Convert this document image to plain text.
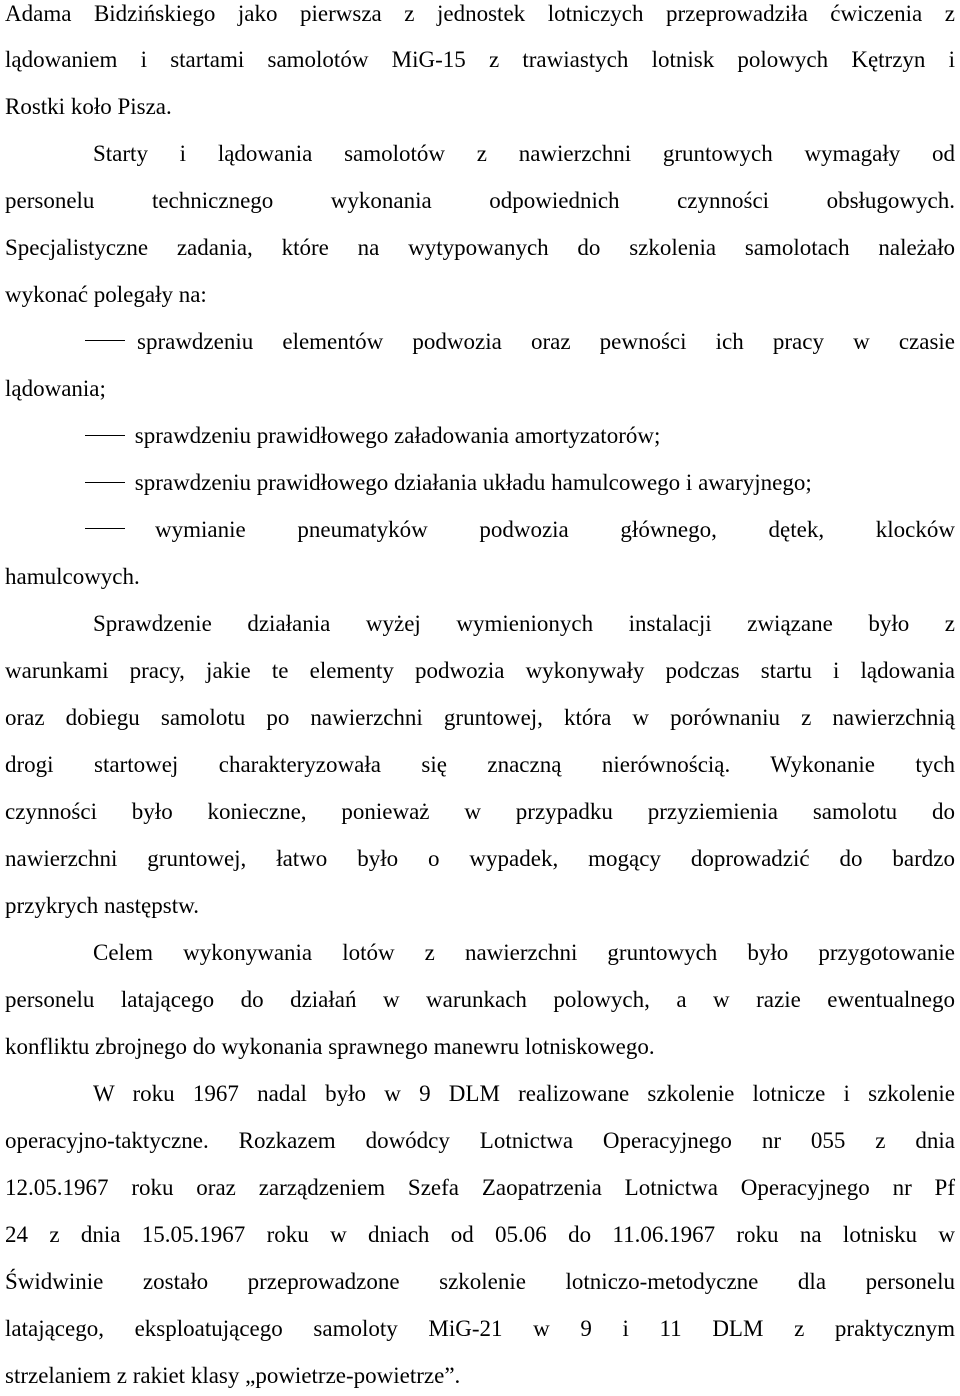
Adama Bidzińskiego jako pierwsza z jednostek lotniczych przeprowadziła ćwiczenia z
lądowaniem i startami samolotów MiG-15 z trawiastych lotnisk polowych Kętrzyn i
Rostki koło Pisza.
Starty i lądowania samolotów z nawierzchni gruntowych wymagały od
personelu technicznego wykonania odpowiednich czynności obsługowych.
Specjalistyczne zadania, które na wytypowanych do szkolenia samolotach należało
wykonać polegały na:
sprawdzeniu elementów podwozia oraz pewności ich pracy w czasie
lądowania;
sprawdzeniu prawidłowego załadowania amortyzatorów;
sprawdzeniu prawidłowego działania układu hamulcowego i awaryjnego;
wymianie pneumatyków podwozia głównego, dętek, klocków
hamulcowych.
Sprawdzenie działania wyżej wymienionych instalacji związane było z
warunkami pracy, jakie te elementy podwozia wykonywały podczas startu i lądowania
oraz dobiegu samolotu po nawierzchni gruntowej, która w porównaniu z nawierzchnią
drogi startowej charakteryzowała się znaczną nierównością. Wykonanie tych
czynności było konieczne, ponieważ w przypadku przyziemienia samolotu do
nawierzchni gruntowej, łatwo było o wypadek, mogący doprowadzić do bardzo
przykrych następstw.
Celem wykonywania lotów z nawierzchni gruntowych było przygotowanie
personelu latającego do działań w warunkach polowych, a w razie ewentualnego
konfliktu zbrojnego do wykonania sprawnego manewru lotniskowego.
W roku 1967 nadal było w 9 DLM realizowane szkolenie lotnicze i szkolenie
operacyjno-taktyczne. Rozkazem dowódcy Lotnictwa Operacyjnego nr 055 z dnia
12.05.1967 roku oraz zarządzeniem Szefa Zaopatrzenia Lotnictwa Operacyjnego nr Pf
24 z dnia 15.05.1967 roku w dniach od 05.06 do 11.06.1967 roku na lotnisku w
Świdwinie zostało przeprowadzone szkolenie lotniczo-metodyczne dla personelu
latającego, eksploatującego samoloty MiG-21 w 9 i 11 DLM z praktycznym
strzelaniem z rakiet klasy „powietrze-powietrze”.
